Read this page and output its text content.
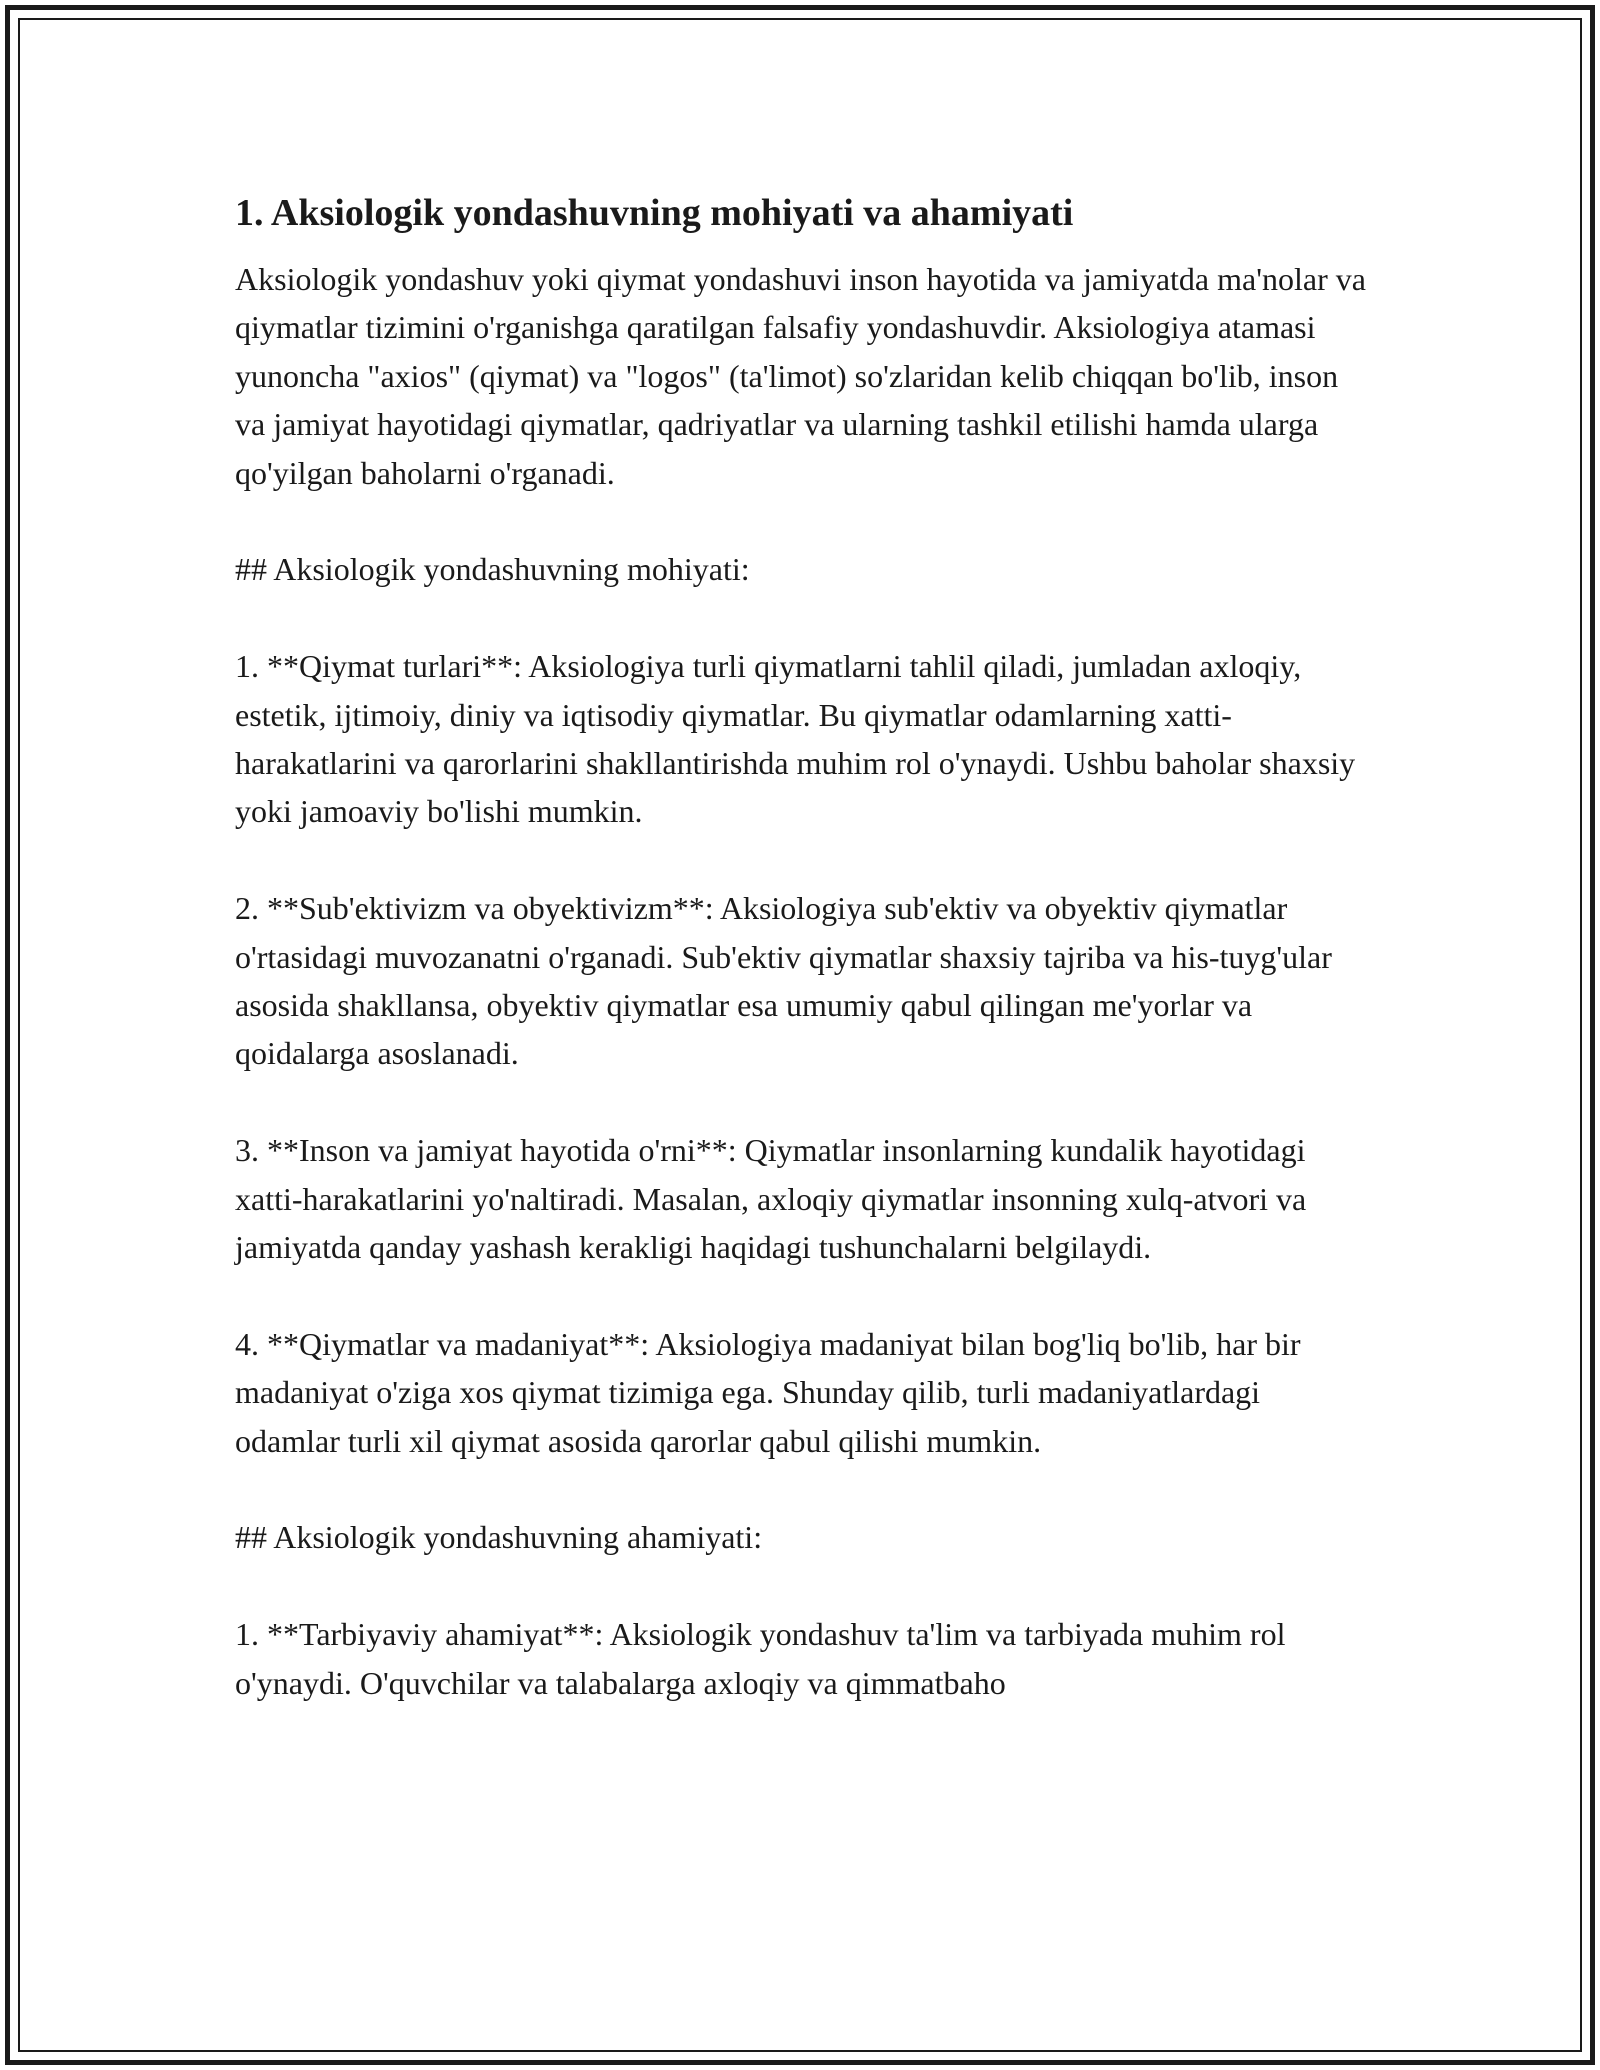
1. Aksiologik yondashuvning mohiyati va ahamiyati

Aksiologik yondashuv yoki qiymat yondashuvi inson hayotida va jamiyatda ma'nolar va qiymatlar tizimini o'rganishga qaratilgan falsafiy yondashuvdir. Aksiologiya atamasi yunoncha "axios" (qiymat) va "logos" (ta'limot) so'zlaridan kelib chiqqan bo'lib, inson va jamiyat hayotidagi qiymatlar, qadriyatlar va ularning tashkil etilishi hamda ularga qo'yilgan baholarni o'rganadi.

## Aksiologik yondashuvning mohiyati:

1. **Qiymat turlari**: Aksiologiya turli qiymatlarni tahlil qiladi, jumladan axloqiy, estetik, ijtimoiy, diniy va iqtisodiy qiymatlar. Bu qiymatlar odamlarning xatti-harakatlarini va qarorlarini shakllantirishda muhim rol o'ynaydi. Ushbu baholar shaxsiy yoki jamoaviy bo'lishi mumkin.

2. **Sub'ektivizm va obyektivizm**: Aksiologiya sub'ektiv va obyektiv qiymatlar o'rtasidagi muvozanatni o'rganadi. Sub'ektiv qiymatlar shaxsiy tajriba va his-tuyg'ular asosida shakllansa, obyektiv qiymatlar esa umumiy qabul qilingan me'yorlar va qoidalarga asoslanadi.

3. **Inson va jamiyat hayotida o'rni**: Qiymatlar insonlarning kundalik hayotidagi xatti-harakatlarini yo'naltiradi. Masalan, axloqiy qiymatlar insonning xulq-atvori va jamiyatda qanday yashash kerakligi haqidagi tushunchalarni belgilaydi.

4. **Qiymatlar va madaniyat**: Aksiologiya madaniyat bilan bog'liq bo'lib, har bir madaniyat o'ziga xos qiymat tizimiga ega. Shunday qilib, turli madaniyatlardagi odamlar turli xil qiymat asosida qarorlar qabul qilishi mumkin.

## Aksiologik yondashuvning ahamiyati:

1. **Tarbiyaviy ahamiyat**: Aksiologik yondashuv ta'lim va tarbiyada muhim rol o'ynaydi. O'quvchilar va talabalarga axloqiy va qimmatbaho
